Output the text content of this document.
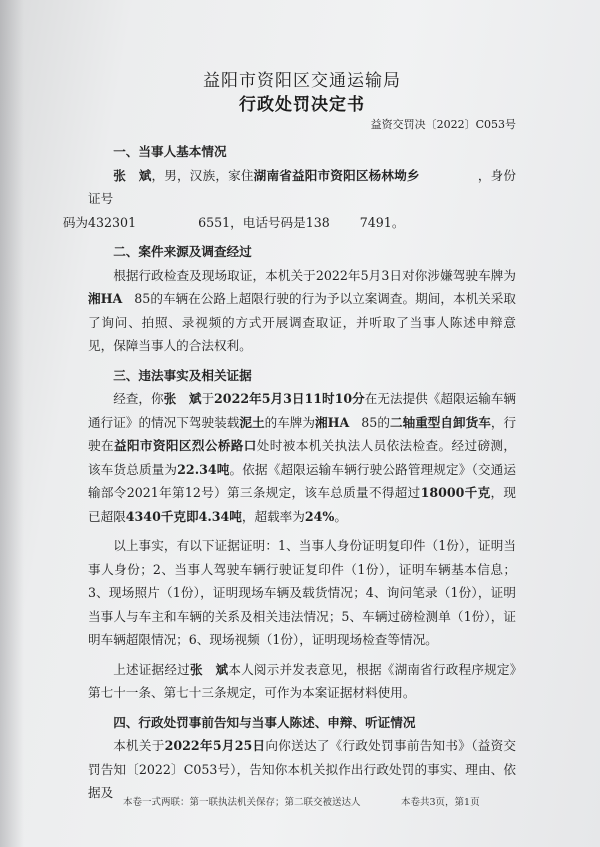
益阳市资阳区交通运输局
行政处罚决定书
益资交罚决〔2022〕C053号
一、当事人基本情况
张　斌，男，汉族，家住湖南省益阳市资阳区杨林坳乡	，身份证号
码为432301	6551，电话号码是138 7491。
二、案件来源及调查经过
根据行政检查及现场取证，本机关于2022年5月3日对你涉嫌驾驶车牌为湘HA 85的车辆在公路上超限行驶的行为予以立案调查。期间，本机关采取了询问、拍照、录视频的方式开展调查取证，并听取了当事人陈述申辩意见，保障当事人的合法权利。
三、违法事实及相关证据
经查，你张　斌于2022年5月3日11时10分在无法提供《超限运输车辆通行证》的情况下驾驶装载泥土的车牌为湘HA 85的二轴重型自卸货车，行驶在益阳市资阳区烈公桥路口处时被本机关执法人员依法检查。经过磅测，该车货总质量为22.34吨。依据《超限运输车辆行驶公路管理规定》（交通运输部令2021年第12号）第三条规定，该车总质量不得超过18000千克，现已超限4340千克即4.34吨，超载率为24%。
以上事实，有以下证据证明：1、当事人身份证明复印件（1份），证明当事人身份；2、当事人驾驶车辆行驶证复印件（1份），证明车辆基本信息；3、现场照片（1份），证明现场车辆及载货情况；4、询问笔录（1份），证明当事人与车主和车辆的关系及相关违法情况；5、车辆过磅检测单（1份），证明车辆超限情况；6、现场视频（1份），证明现场检查等情况。
上述证据经过张　斌本人阅示并发表意见，根据《湖南省行政程序规定》第七十一条、第七十三条规定，可作为本案证据材料使用。
四、行政处罚事前告知与当事人陈述、申辩、听证情况
本机关于2022年5月25日向你送达了《行政处罚事前告知书》（益资交罚告知〔2022〕C053号），告知你本机关拟作出行政处罚的事实、理由、依据及
本卷一式两联：第一联执法机关保存；第二联交被送达人	本卷共3页，第1页
